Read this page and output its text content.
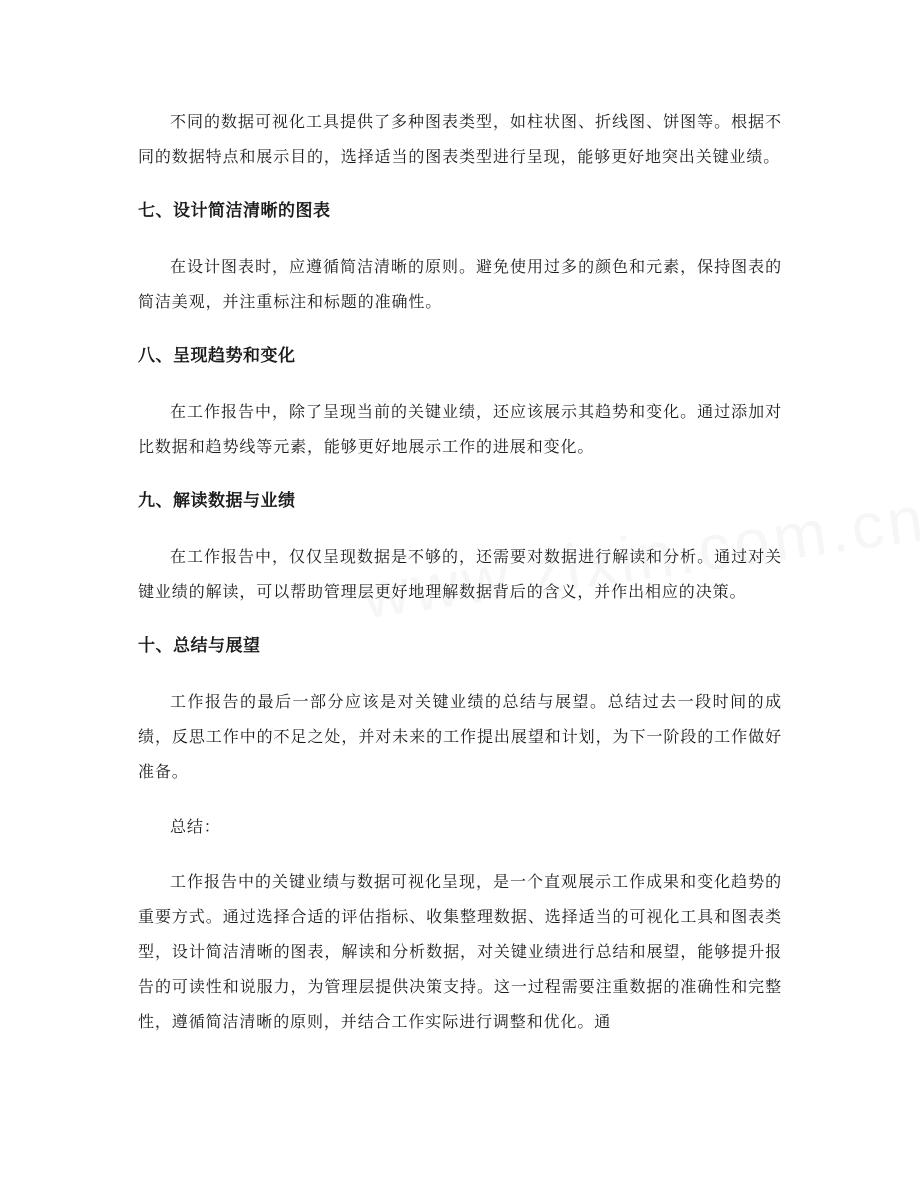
不同的数据可视化工具提供了多种图表类型，如柱状图、折线图、饼图等。根据不同的数据特点和展示目的，选择适当的图表类型进行呈现，能够更好地突出关键业绩。

七、设计简洁清晰的图表

在设计图表时，应遵循简洁清晰的原则。避免使用过多的颜色和元素，保持图表的简洁美观，并注重标注和标题的准确性。

八、呈现趋势和变化

在工作报告中，除了呈现当前的关键业绩，还应该展示其趋势和变化。通过添加对比数据和趋势线等元素，能够更好地展示工作的进展和变化。

九、解读数据与业绩

在工作报告中，仅仅呈现数据是不够的，还需要对数据进行解读和分析。通过对关键业绩的解读，可以帮助管理层更好地理解数据背后的含义，并作出相应的决策。

十、总结与展望

工作报告的最后一部分应该是对关键业绩的总结与展望。总结过去一段时间的成绩，反思工作中的不足之处，并对未来的工作提出展望和计划，为下一阶段的工作做好准备。

总结：

工作报告中的关键业绩与数据可视化呈现，是一个直观展示工作成果和变化趋势的重要方式。通过选择合适的评估指标、收集整理数据、选择适当的可视化工具和图表类型，设计简洁清晰的图表，解读和分析数据，对关键业绩进行总结和展望，能够提升报告的可读性和说服力，为管理层提供决策支持。这一过程需要注重数据的准确性和完整性，遵循简洁清晰的原则，并结合工作实际进行调整和优化。通
